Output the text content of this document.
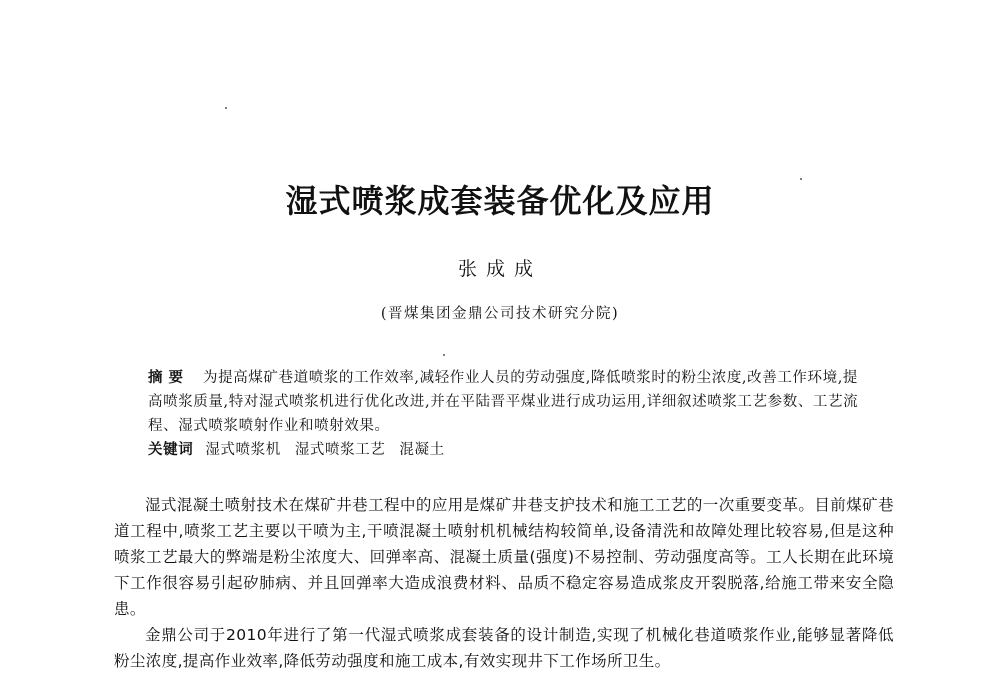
湿式喷浆成套装备优化及应用
张成成
(晋煤集团金鼎公司技术研究分院)

摘要 为提高煤矿巷道喷浆的工作效率,减轻作业人员的劳动强度,降低喷浆时的粉尘浓度,改善工作环境,提高喷浆质量,特对湿式喷浆机进行优化改进,并在平陆晋平煤业进行成功运用,详细叙述喷浆工艺参数、工艺流程、湿式喷浆喷射作业和喷射效果。

关键词 湿式喷浆机 湿式喷浆工艺 混凝土

湿式混凝土喷射技术在煤矿井巷工程中的应用是煤矿井巷支护技术和施工工艺的一次重要变革。目前煤矿巷道工程中,喷浆工艺主要以干喷为主,干喷混凝土喷射机机械结构较简单,设备清洗和故障处理比较容易,但是这种喷浆工艺最大的弊端是粉尘浓度大、回弹率高、混凝土质量(强度)不易控制、劳动强度高等。工人长期在此环境下工作很容易引起矽肺病、并且回弹率大造成浪费材料、品质不稳定容易造成浆皮开裂脱落,给施工带来安全隐患。

金鼎公司于2010年进行了第一代湿式喷浆成套装备的设计制造,实现了机械化巷道喷浆作业,能够显著降低粉尘浓度,提高作业效率,降低劳动强度和施工成本,有效实现井下工作场所卫生。
